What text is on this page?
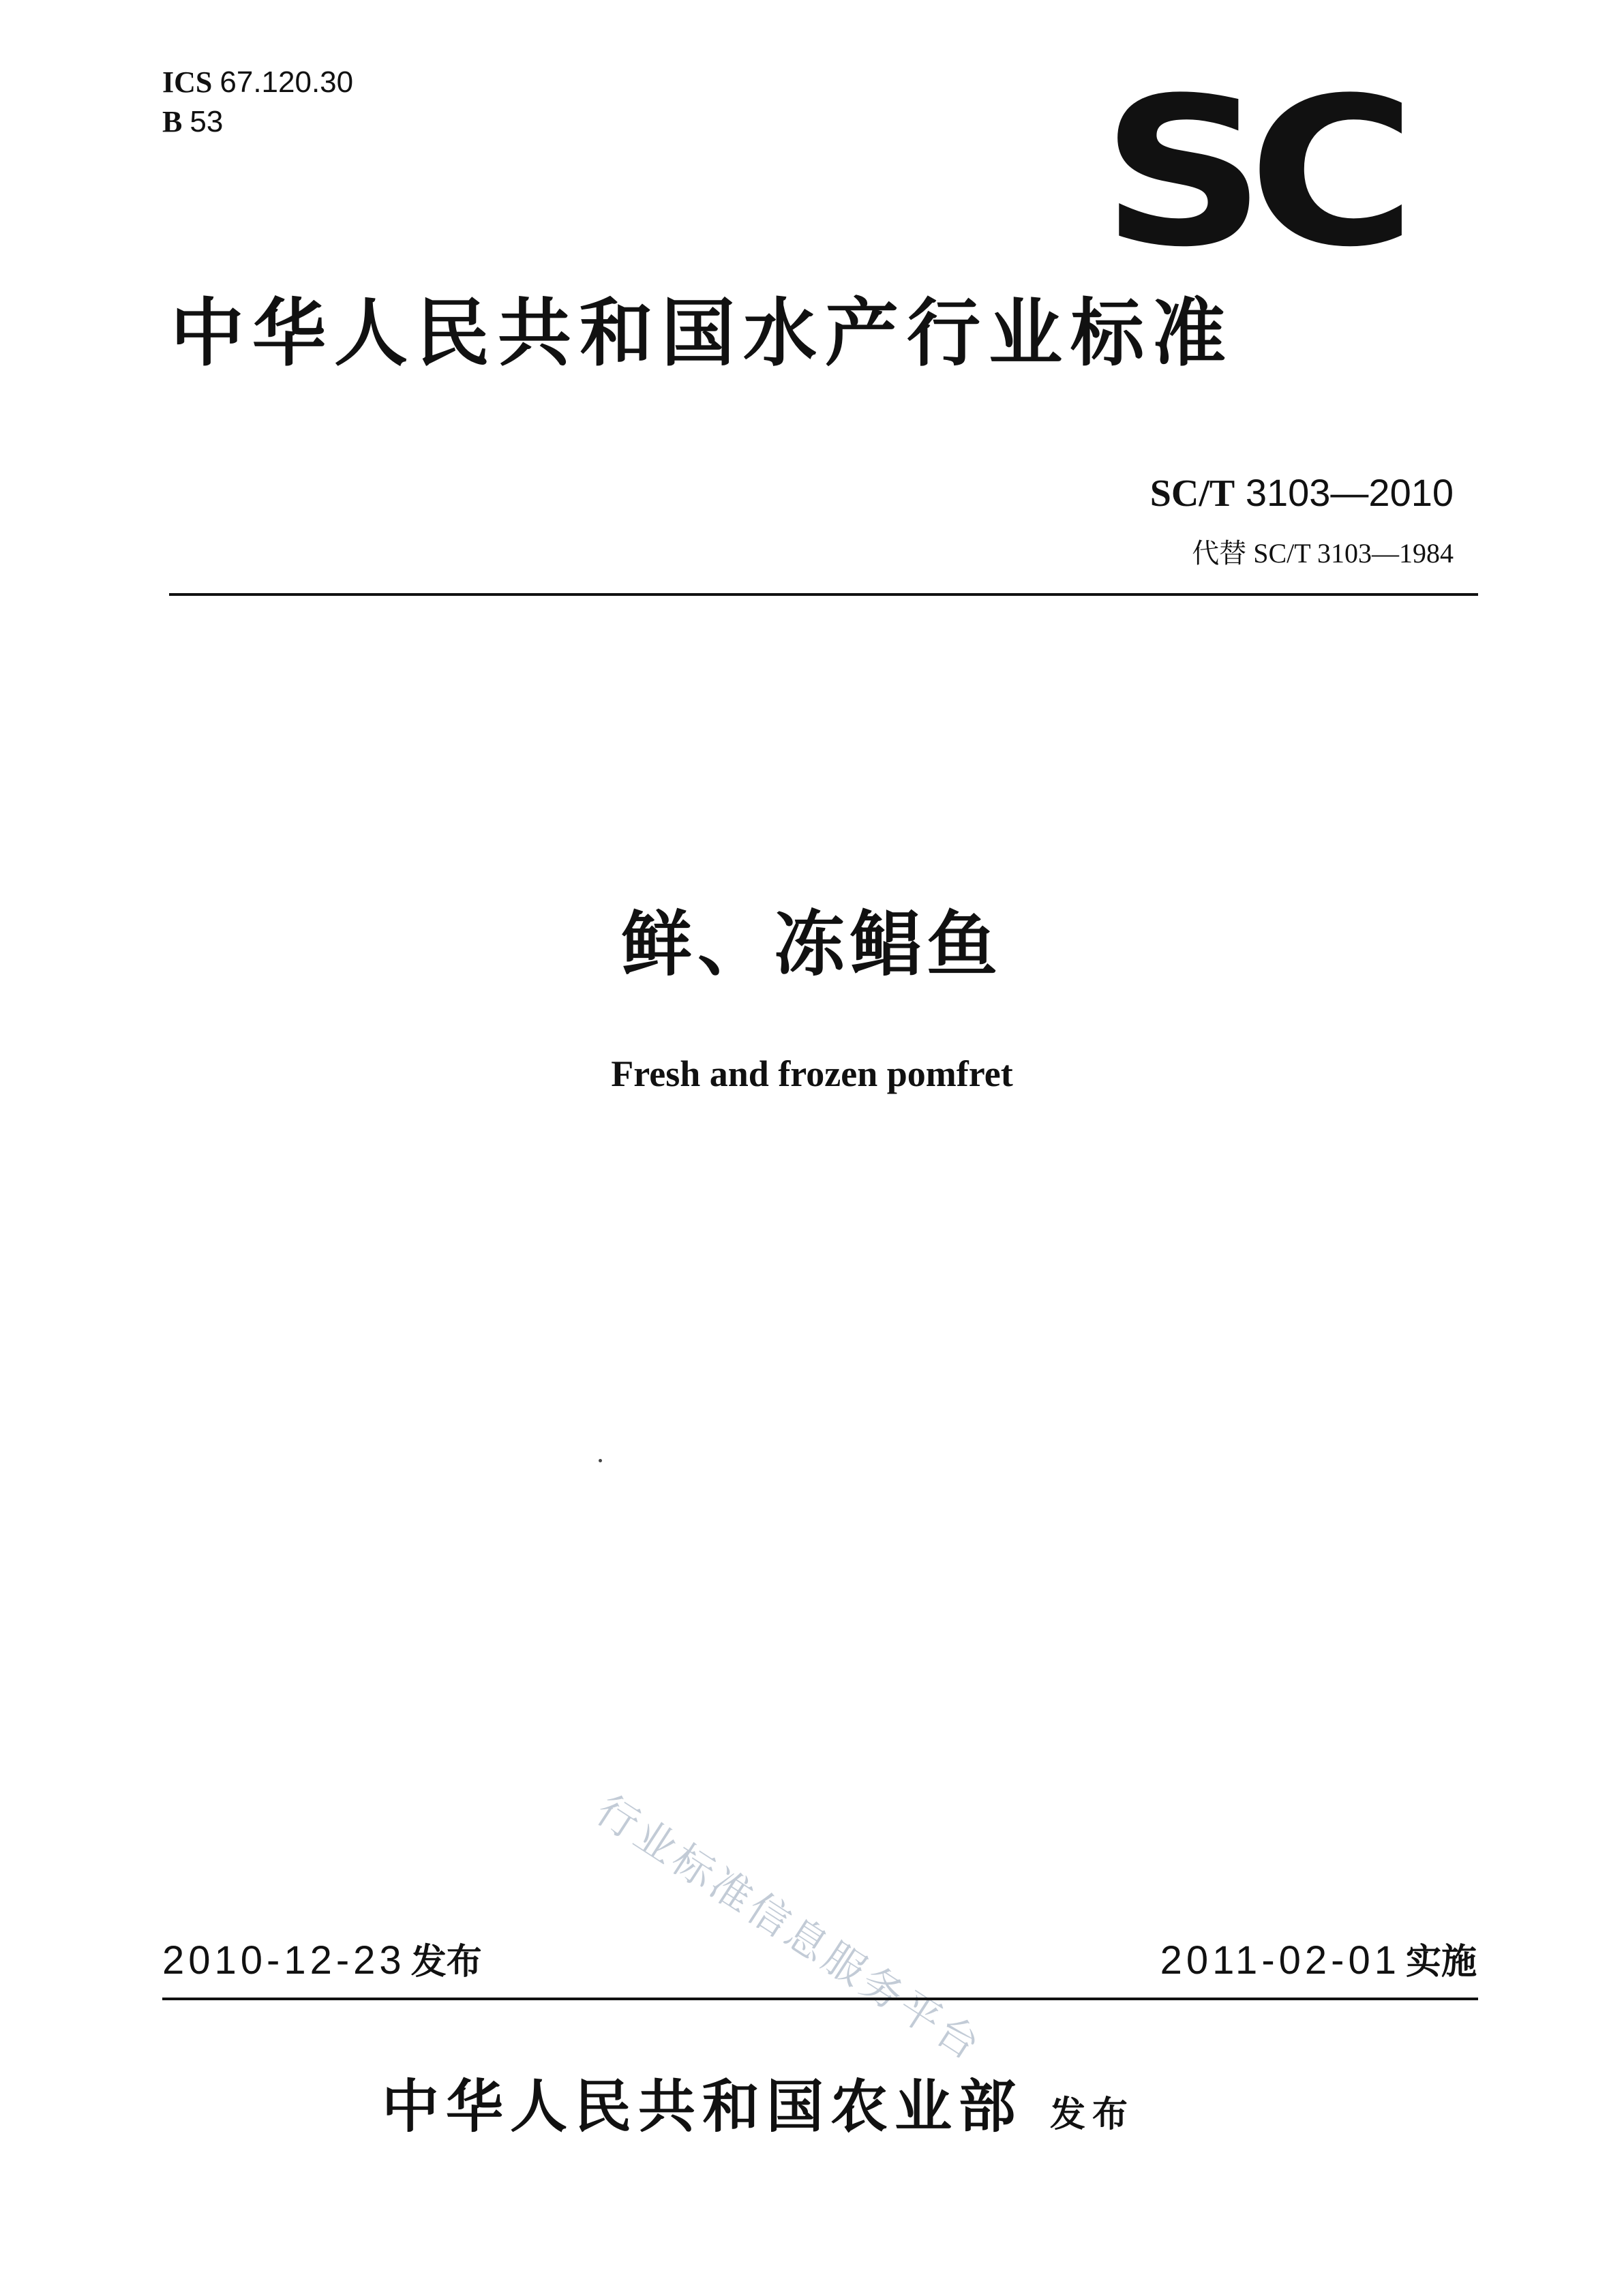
ICS 67.120.30
B 53	S
C
中华人民共和国水产行业标准
SC/T 3103—2010
代替 SC/T 3103—1984
鲜、冻鲳鱼
Fresh and frozen pomfret
行业标准信息服务平台
2010-12-23 发布	2011-02-01 实施
中华人民共和国农业部 发布
